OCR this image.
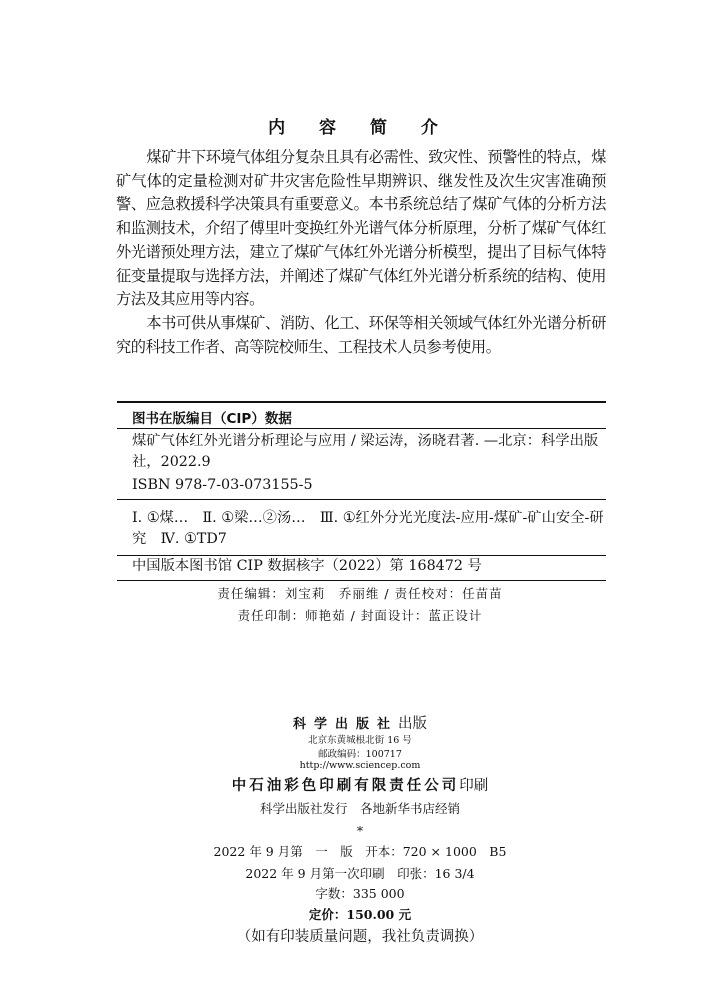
内 容 简 介

煤矿井下环境气体组分复杂且具有必需性、致灾性、预警性的特点，煤矿气体的定量检测对矿井灾害危险性早期辨识、继发性及次生灾害准确预警、应急救援科学决策具有重要意义。本书系统总结了煤矿气体的分析方法和监测技术，介绍了傅里叶变换红外光谱气体分析原理，分析了煤矿气体红外光谱预处理方法，建立了煤矿气体红外光谱分析模型，提出了目标气体特征变量提取与选择方法，并阐述了煤矿气体红外光谱分析系统的结构、使用方法及其应用等内容。

本书可供从事煤矿、消防、化工、环保等相关领域气体红外光谱分析研究的科技工作者、高等院校师生、工程技术人员参考使用。

图书在版编目（CIP）数据
煤矿气体红外光谱分析理论与应用 / 梁运涛，汤晓君著. —北京：科学出版社，2022.9
ISBN 978-7-03-073155-5
Ⅰ. ①煤…　Ⅱ. ①梁…②汤…　Ⅲ. ①红外分光光度法-应用-煤矿-矿山安全-研究　Ⅳ. ①TD7
中国版本图书馆 CIP 数据核字（2022）第 168472 号
责任编辑：刘宝莉　乔丽维 / 责任校对：任苗苗
责任印制：师艳茹 / 封面设计：蓝正设计
科学出版社出版
北京东黄城根北街 16 号
邮政编码：100717
http://www.sciencep.com
中石油彩色印刷有限责任公司印刷
科学出版社发行　各地新华书店经销
*
2022 年 9 月第　一　版　开本：720 × 1000　B5
2022 年 9 月第一次印刷　印张：16 3/4
字数：335 000
定价：150.00 元
（如有印装质量问题，我社负责调换）
